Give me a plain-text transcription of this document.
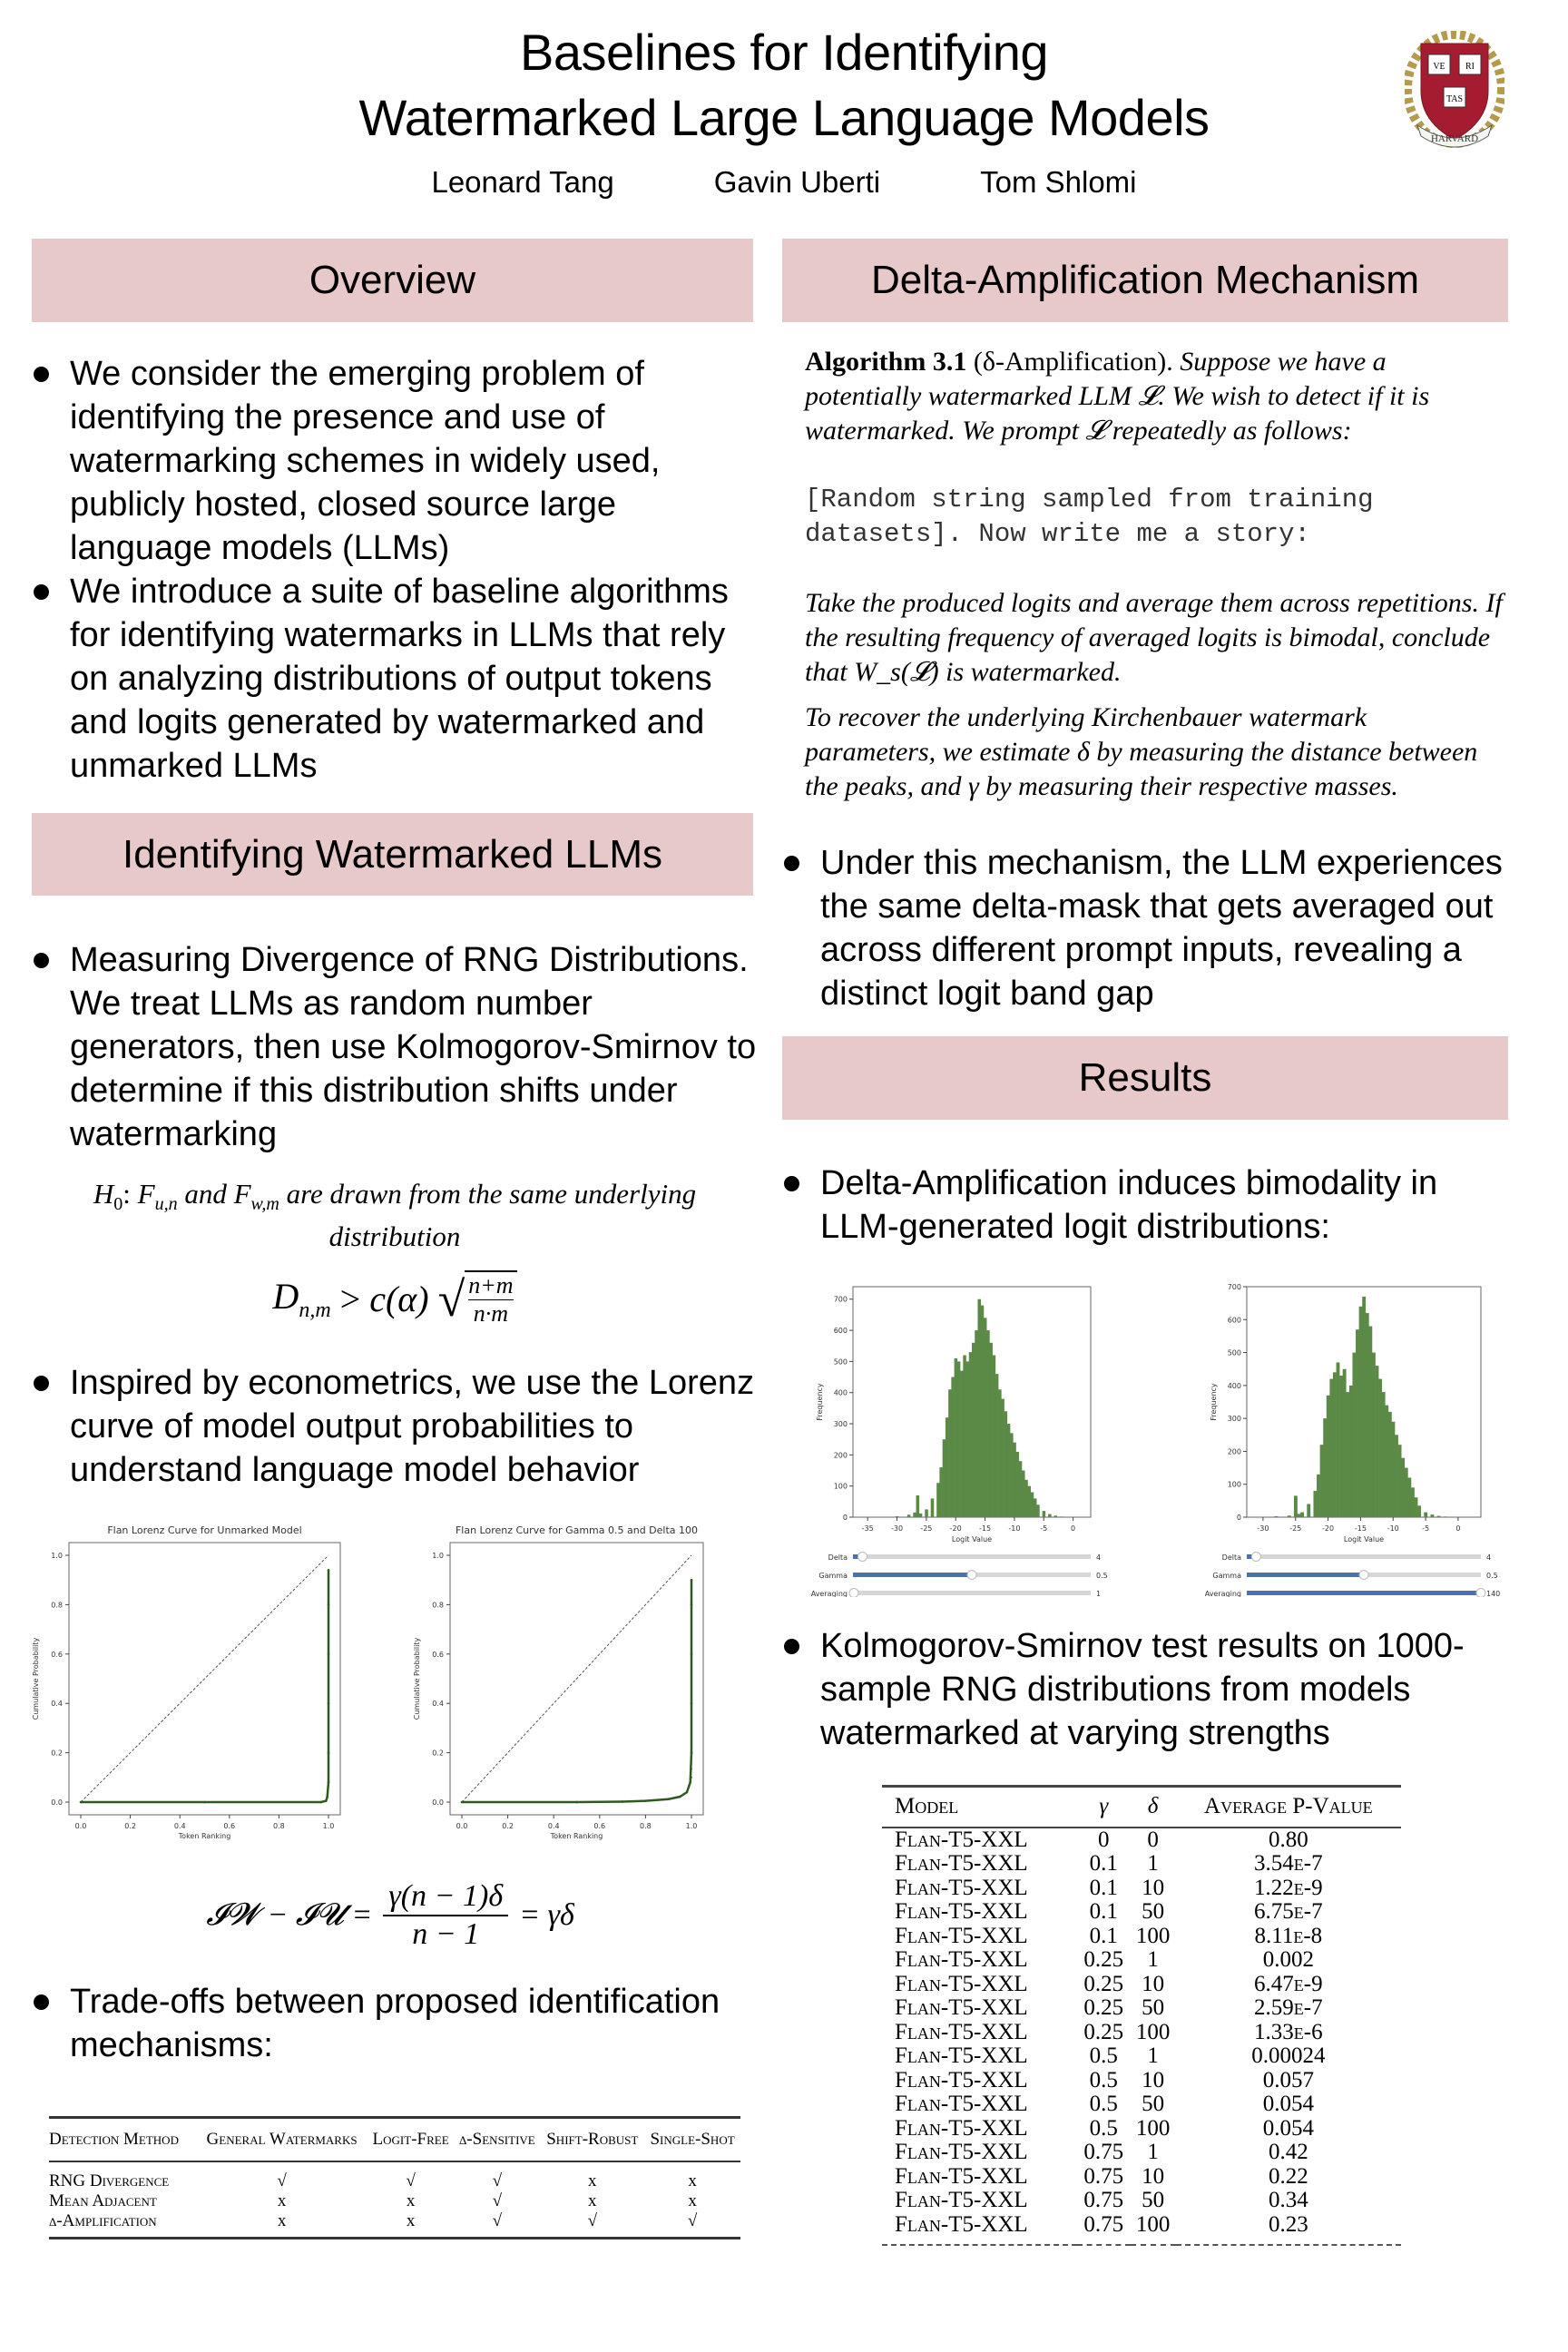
Baselines for Identifying
Watermarked Large Language Models
Leonard Tang	Gavin Uberti	Tom Shlomi
VE RI
TAS
HARVARD
Overview
We consider the emerging problem of identifying the presence and use of watermarking schemes in widely used, publicly hosted, closed source large language models (LLMs)
We introduce a suite of baseline algorithms for identifying watermarks in LLMs that rely on analyzing distributions of output tokens and logits generated by watermarked and unmarked LLMs
Identifying Watermarked LLMs
Measuring Divergence of RNG Distributions. We treat LLMs as random number generators, then use Kolmogorov-Smirnov to determine if this distribution shifts under watermarking
$H_0$: $F_{u,n}$ and $F_{w,m}$ are drawn from the same underlying distribution
$D_{n,m} > c(\alpha)$ √ n+m
n·m
Inspired by econometrics, we use the Lorenz curve of model output probabilities to understand language model behavior
Flan Lorenz Curve for Unmarked Model
0.0	0.2	0.4	0.6	0.8	1.0
0.0
0.2
0.4
0.6
0.8
1.0
Token Ranking
Cumulative Probability
Flan Lorenz Curve for Gamma 0.5 and Delta 100
0.0	0.2	0.4	0.6	0.8	1.0
0.0
0.2
0.4
0.6
0.8
1.0
Token Ranking
Cumulative Probability
𝓘𝓦 − 𝓘𝓤 = $\frac{\gamma(n - 1)\delta}{n - 1} = \gamma\delta$
Trade-offs between proposed identification mechanisms:
Detection Method	General Watermarks	Logit-Free	δ-Sensitive	Shift-Robust	Single-Shot
RNG Divergence	√	√	√	x	x
Mean Adjacent	x	x	√	x	x
δ-Amplification	x	x	√	√	√
Delta-Amplification Mechanism

Algorithm 3.1 (δ-Amplification). Suppose we have a potentially watermarked LLM 𝓛. We wish to detect if it is watermarked. We prompt 𝓛 repeatedly as follows:

[Random string sampled from training
datasets]. Now write me a story:

Take the produced logits and average them across repetitions. If the resulting frequency of averaged logits is bimodal, conclude that W_s(𝓛) is watermarked.

To recover the underlying Kirchenbauer watermark parameters, we estimate δ by measuring the distance between the peaks, and γ by measuring their respective masses.

Under this mechanism, the LLM experiences the same delta-mask that gets averaged out across different prompt inputs, revealing a distinct logit band gap
Results
Delta-Amplification induces bimodality in LLM-generated logit distributions:
-35 -30 -25 -20 -15 -10	-5	0
0
100
200
300
400
500
600
700
Logit Value
Frequency
Delta	4
Gamma	0.5
Averaging	1
-30	-25	-20	-15	-10	-5	0
0
100
200
300
400
500
600
700
Logit Value
Frequency
Delta	4
Gamma	0.5
Averaging	140
Kolmogorov-Smirnov test results on 1000-sample RNG distributions from models watermarked at varying strengths
Model	γ	δ	Average P-Value
Flan-T5-XXL	0	0	0.80
Flan-T5-XXL	0.1	1	3.54e-7
Flan-T5-XXL	0.1	10	1.22e-9
Flan-T5-XXL	0.1	50	6.75e-7
Flan-T5-XXL	0.1	100	8.11e-8
Flan-T5-XXL	0.25	1	0.002
Flan-T5-XXL	0.25	10	6.47e-9
Flan-T5-XXL	0.25	50	2.59e-7
Flan-T5-XXL	0.25	100	1.33e-6
Flan-T5-XXL	0.5	1	0.00024
Flan-T5-XXL	0.5	10	0.057
Flan-T5-XXL	0.5	50	0.054
Flan-T5-XXL	0.5	100	0.054
Flan-T5-XXL	0.75	1	0.42
Flan-T5-XXL	0.75	10	0.22
Flan-T5-XXL	0.75	50	0.34
Flan-T5-XXL	0.75	100	0.23
